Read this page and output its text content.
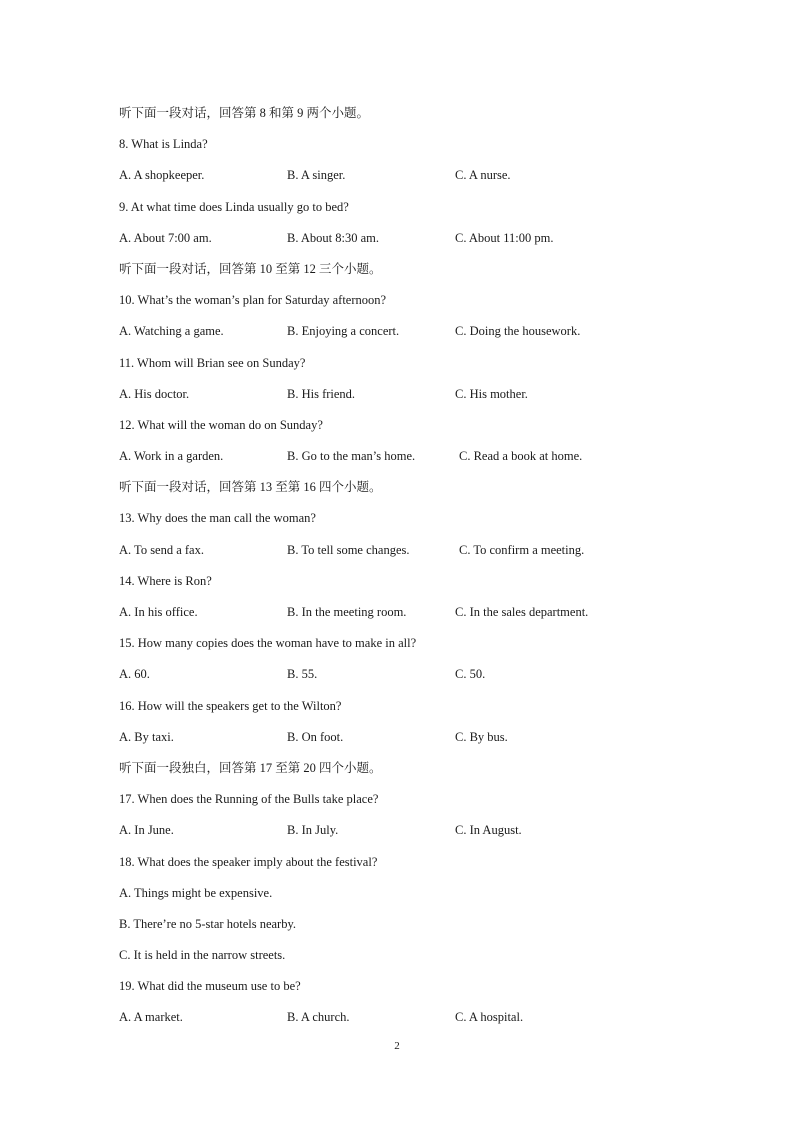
听下面一段对话，回答第 8 和第 9 两个小题。
8. What is Linda?
A. A shopkeeper.	B. A singer.	C. A nurse.
9. At what time does Linda usually go to bed?
A. About 7:00 am.	B. About 8:30 am.	C. About 11:00 pm.
听下面一段对话，回答第 10 至第 12 三个小题。
10. What’s the woman’s plan for Saturday afternoon?
A. Watching a game.	B. Enjoying a concert.	C. Doing the housework.
11. Whom will Brian see on Sunday?
A. His doctor.	B. His friend.	C. His mother.
12. What will the woman do on Sunday?
A. Work in a garden.	B. Go to the man’s home.	C. Read a book at home.
听下面一段对话，回答第 13 至第 16 四个小题。
13. Why does the man call the woman?
A. To send a fax.	B. To tell some changes.	C. To confirm a meeting.
14. Where is Ron?
A. In his office.	B. In the meeting room.	C. In the sales department.
15. How many copies does the woman have to make in all?
A. 60.	B. 55.	C. 50.
16. How will the speakers get to the Wilton?
A. By taxi.	B. On foot.	C. By bus.
听下面一段独白，回答第 17 至第 20 四个小题。
17. When does the Running of the Bulls take place?
A. In June.	B. In July.	C. In August.
18. What does the speaker imply about the festival?
A. Things might be expensive.
B. There’re no 5-star hotels nearby.
C. It is held in the narrow streets.
19. What did the museum use to be?
A. A market.	B. A church.	C. A hospital.
2
